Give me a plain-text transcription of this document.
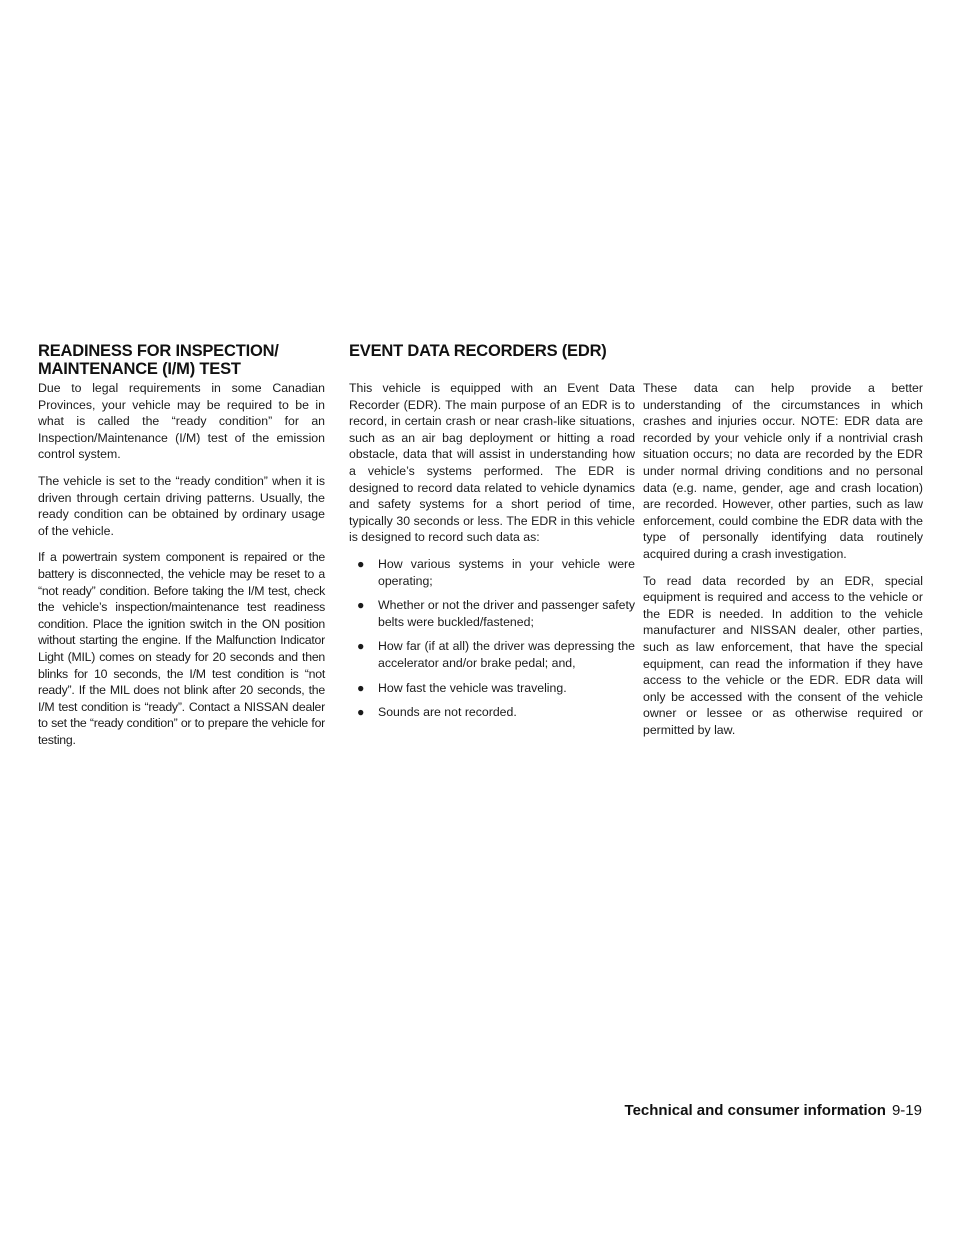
READINESS FOR INSPECTION/
MAINTENANCE (I/M) TEST
EVENT DATA RECORDERS (EDR)

Due to legal requirements in some Canadian Provinces, your vehicle may be required to be in what is called the “ready condition” for an Inspection/Maintenance (I/M) test of the emission control system.

The vehicle is set to the “ready condition” when it is driven through certain driving patterns. Usually, the ready condition can be obtained by ordinary usage of the vehicle.

If a powertrain system component is repaired or the battery is disconnected, the vehicle may be reset to a “not ready” condition. Before taking the I/M test, check the vehicle’s inspection/maintenance test readiness condition. Place the ignition switch in the ON position without starting the engine. If the Malfunction Indicator Light (MIL) comes on steady for 20 seconds and then blinks for 10 seconds, the I/M test condition is “not ready”. If the MIL does not blink after 20 seconds, the I/M test condition is “ready”. Contact a NISSAN dealer to set the “ready condition” or to prepare the vehicle for testing.

This vehicle is equipped with an Event Data Recorder (EDR). The main purpose of an EDR is to record, in certain crash or near crash-like situations, such as an air bag deployment or hitting a road obstacle, data that will assist in understanding how a vehicle’s systems performed. The EDR is designed to record data related to vehicle dynamics and safety systems for a short period of time, typically 30 seconds or less. The EDR in this vehicle is designed to record such data as:

● How various systems in your vehicle were operating;
● Whether or not the driver and passenger safety belts were buckled/fastened;
● How far (if at all) the driver was depressing the accelerator and/or brake pedal; and,
● How fast the vehicle was traveling.
● Sounds are not recorded.

These data can help provide a better understanding of the circumstances in which crashes and injuries occur. NOTE: EDR data are recorded by your vehicle only if a nontrivial crash situation occurs; no data are recorded by the EDR under normal driving conditions and no personal data (e.g. name, gender, age and crash location) are recorded. However, other parties, such as law enforcement, could combine the EDR data with the type of personally identifying data routinely acquired during a crash investigation.

To read data recorded by an EDR, special equipment is required and access to the vehicle or the EDR is needed. In addition to the vehicle manufacturer and NISSAN dealer, other parties, such as law enforcement, that have the special equipment, can read the information if they have access to the vehicle or the EDR. EDR data will only be accessed with the consent of the vehicle owner or lessee or as otherwise required or permitted by law.

Technical and consumer information 9-19
